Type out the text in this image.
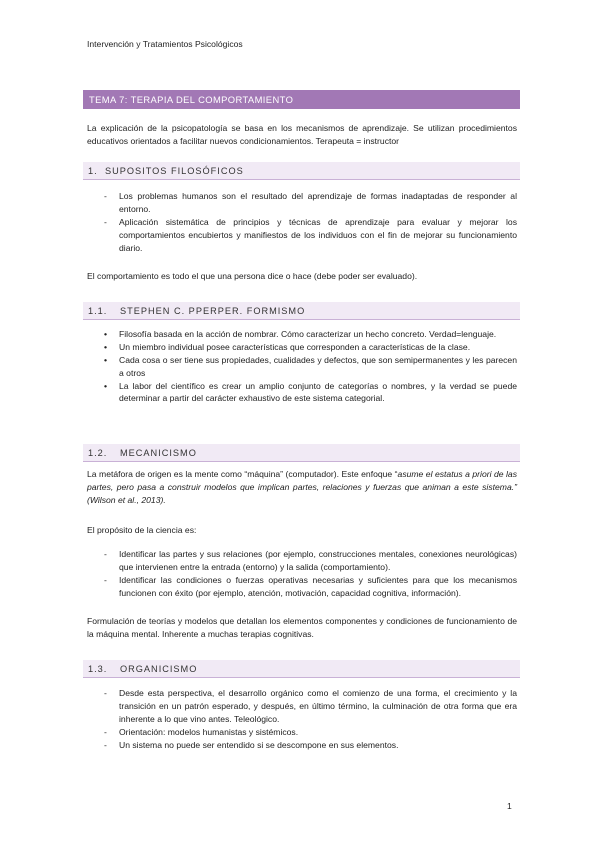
Intervención y Tratamientos Psicológicos
TEMA 7: TERAPIA DEL COMPORTAMIENTO
La explicación de la psicopatología se basa en los mecanismos de aprendizaje. Se utilizan procedimientos educativos orientados a facilitar nuevos condicionamientos. Terapeuta = instructor
1. SUPOSITOS FILOSÓFICOS
- Los problemas humanos son el resultado del aprendizaje de formas inadaptadas de responder al entorno.
- Aplicación sistemática de principios y técnicas de aprendizaje para evaluar y mejorar los comportamientos encubiertos y manifiestos de los individuos con el fin de mejorar su funcionamiento diario.
El comportamiento es todo el que una persona dice o hace (debe poder ser evaluado).
1.1. STEPHEN C. PPERPER. FORMISMO
• Filosofía basada en la acción de nombrar. Cómo caracterizar un hecho concreto. Verdad=lenguaje.
• Un miembro individual posee características que corresponden a características de la clase.
• Cada cosa o ser tiene sus propiedades, cualidades y defectos, que son semipermanentes y les parecen a otros
• La labor del científico es crear un amplio conjunto de categorías o nombres, y la verdad se puede determinar a partir del carácter exhaustivo de este sistema categorial.
1.2. MECANICISMO
La metáfora de origen es la mente como “máquina” (computador). Este enfoque “asume el estatus a priori de las partes, pero pasa a construir modelos que implican partes, relaciones y fuerzas que animan a este sistema.” (Wilson et al., 2013).
El propósito de la ciencia es:
- Identificar las partes y sus relaciones (por ejemplo, construcciones mentales, conexiones neurológicas) que intervienen entre la entrada (entorno) y la salida (comportamiento).
- Identificar las condiciones o fuerzas operativas necesarias y suficientes para que los mecanismos funcionen con éxito (por ejemplo, atención, motivación, capacidad cognitiva, información).
Formulación de teorías y modelos que detallan los elementos componentes y condiciones de funcionamiento de la máquina mental. Inherente a muchas terapias cognitivas.
1.3. ORGANICISMO
- Desde esta perspectiva, el desarrollo orgánico como el comienzo de una forma, el crecimiento y la transición en un patrón esperado, y después, en último término, la culminación de otra forma que era inherente a lo que vino antes. Teleológico.
- Orientación: modelos humanistas y sistémicos.
- Un sistema no puede ser entendido si se descompone en sus elementos.
1
